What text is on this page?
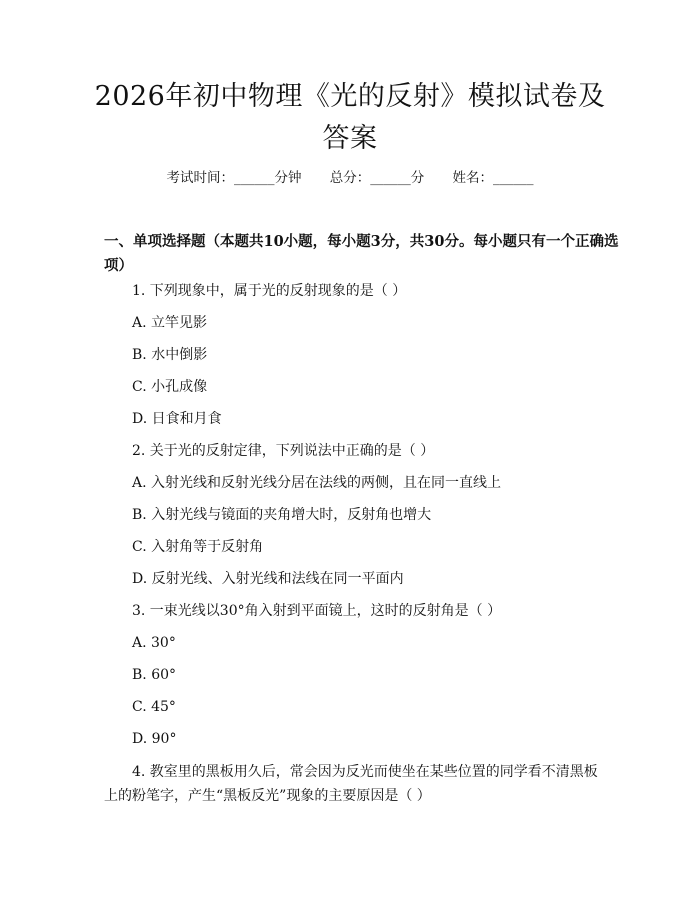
2026年初中物理《光的反射》模拟试卷及答案
考试时间：______分钟 总分：______分 姓名：______
一、单项选择题（本题共10小题，每小题3分，共30分。每小题只有一个正确选项）
1. 下列现象中，属于光的反射现象的是（ ）
A. 立竿见影
B. 水中倒影
C. 小孔成像
D. 日食和月食
2. 关于光的反射定律，下列说法中正确的是（ ）
A. 入射光线和反射光线分居在法线的两侧，且在同一直线上
B. 入射光线与镜面的夹角增大时，反射角也增大
C. 入射角等于反射角
D. 反射光线、入射光线和法线在同一平面内
3. 一束光线以30°角入射到平面镜上，这时的反射角是（ ）
A. 30°
B. 60°
C. 45°
D. 90°
4. 教室里的黑板用久后，常会因为反光而使坐在某些位置的同学看不清黑板上的粉笔字，产生“黑板反光”现象的主要原因是（ ）
